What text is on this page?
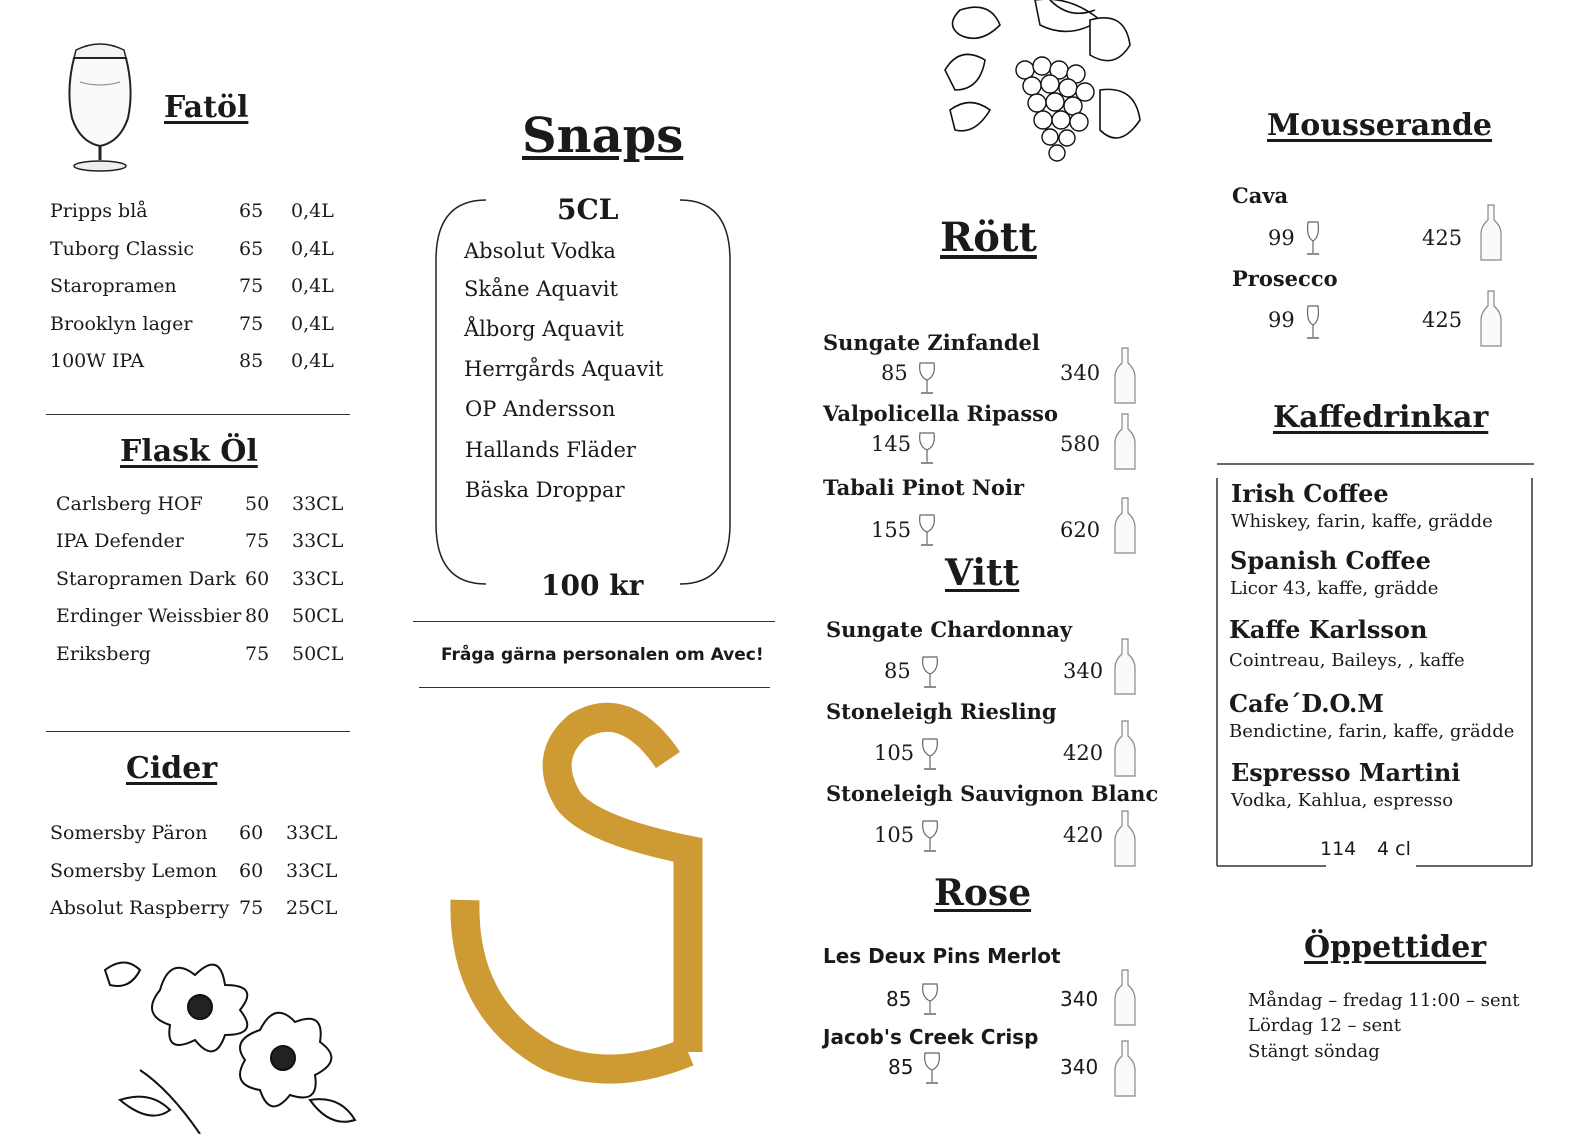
Fatöl
Pripps blå	65 0,4L
Tuborg Classic 65 0,4L
Staropramen	75 0,4L
Brooklyn lager 75 0,4L
100W IPA	85 0,4L
Flask Öl
Carlsberg HOF 50 33CL
IPA Defender	75 33CL
Staropramen Dark 60 33CL
Erdinger Weissbier 80 50CL
Eriksberg	75 50CL
Cider
Somersby Päron 60 33CL
Somersby Lemon 60 33CL
Absolut Raspberry 75 25CL
Snaps
5CL
Absolut Vodka
Skåne Aquavit
Ålborg Aquavit
Herrgårds Aquavit
OP Andersson
Hallands Fläder
Bäska Droppar
100 kr
Fråga gärna personalen om Avec!
Rött
Sungate Zinfandel
85	340
Valpolicella Ripasso
145	580
Tabali Pinot Noir
155	620
Vitt
Sungate Chardonnay
85	340
Stoneleigh Riesling
105	420
Stoneleigh Sauvignon Blanc
105	420
Rose
Les Deux Pins Merlot
85	340
Jacob's Creek Crisp
85	340
Mousserande
Cava
99	425
Prosecco
99	425
Kaffedrinkar
Irish Coffee
Whiskey, farin, kaffe, grädde
Spanish Coffee
Licor 43, kaffe, grädde
Kaffe Karlsson
Cointreau, Baileys, , kaffe
Cafe´D.O.M
Bendictine, farin, kaffe, grädde
Espresso Martini
Vodka, Kahlua, espresso
114 4 cl
Öppettider
Måndag – fredag 11:00 – sent
Lördag 12 – sent
Stängt söndag
